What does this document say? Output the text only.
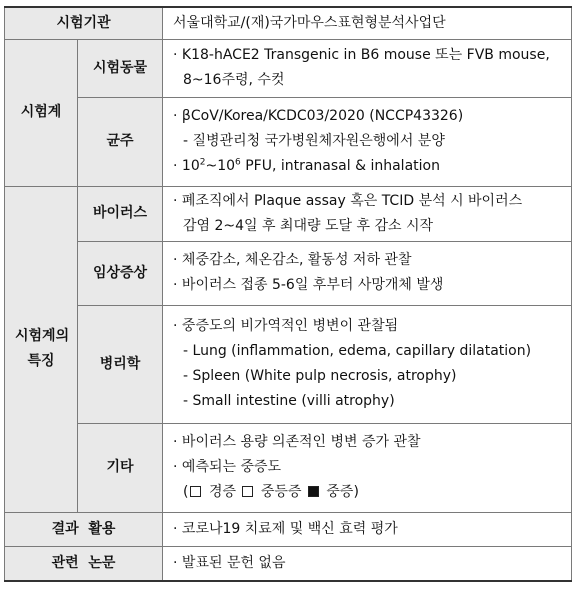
시험기관		서울대학교/(재)국가마우스표현형분석사업단
시험계	시험동물	· K18-hACE2 Transgenic in B6 mouse 또는 FVB mouse,
8~16주령, 수컷

	균주	· βCoV/Korea/KCDC03/2020 (NCCP43326)
- 질병관리청 국가병원체자원은행에서 분양
· $10^2\sim 10^6$ PFU, intranasal & inhalation

시험계의
특징	바이러스	· 폐조직에서 Plaque assay 혹은 TCID 분석 시 바이러스
감염 2~4일 후 최대량 도달 후 감소 시작

	임상증상	· 체중감소, 체온감소, 활동성 저하 관찰
· 바이러스 접종 5-6일 후부터 사망개체 발생

	병리학	· 중증도의 비가역적인 병변이 관찰됨
- Lung (inflammation, edema, capillary dilatation)
- Spleen (White pulp necrosis, atrophy)
- Small intestine (villi atrophy)

	기타	· 바이러스 용량 의존적인 병변 증가 관찰
· 예측되는 중증도
( 경증 중등증 중증)

결과  활용		· 코로나19 치료제 및 백신 효력 평가
관련  논문		· 발표된 문헌 없음
